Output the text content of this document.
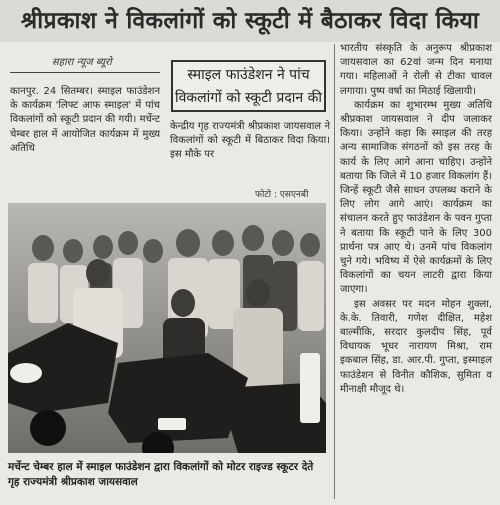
श्रीप्रकाश ने विकलांगों को स्कूटी में बैठाकर विदा किया
सहारा न्यूज ब्यूरो

कानपुर. 24 सितम्बर। स्माइल फाउंडेशन के कार्यक्रम 'लिफ्ट आफ स्माइल' में पांच विकलांगों को स्कूटी प्रदान की गयी। मर्चेन्ट चेम्बर हाल में आयोजित कार्यक्रम में मुख्य अतिथि

स्माइल फाउंडेशन ने पांच
विकलांगों को स्कूटी प्रदान की

केन्द्रीय गृह राज्यमंत्री श्रीप्रकाश जायसवाल ने विकलांगों को स्कूटी में बिठाकर विदा किया। इस मौके पर

फोटो : एसएनबी
मर्चेन्ट चेम्बर हाल में स्माइल फाउंडेशन द्वारा विकलांगों को मोटर राइज्ड स्कूटर देते गृह राज्यमंत्री श्रीप्रकाश जायसवाल

भारतीय संस्कृति के अनुरूप श्रीप्रकाश जायसवाल का 62वां जन्म दिन मनाया गया। महिलाओं ने रोली से टीका चावल लगाया। पुष्प वर्षा का मिठाई खिलायी।

कार्यक्रम का शुभारम्भ मुख्य अतिथि श्रीप्रकाश जायसवाल ने दीप जलाकर किया। उन्होंने कहा कि स्माइल की तरह अन्य सामाजिक संगठनों को इस तरह के कार्य के लिए आगे आना चाहिए। उन्होंने बताया कि जिले में 10 हजार विकलांग हैं। जिन्हें स्कूटी जैसे साधन उपलब्ध कराने के लिए लोग आगे आएं। कार्यक्रम का संचालन करते हुए फाउंडेशन के पवन गुप्ता ने बताया कि स्कूटी पाने के लिए 300 प्रार्थना पत्र आए थे। उनमें पांच विकलांग चुने गये। भविष्य में ऐसे कार्यक्रमों के लिए विकलांगों का चयन लाटरी द्वारा किया जाएगा।

इस अवसर पर मदन मोहन शुक्ला, के.के. तिवारी, गणेश दीक्षित, महेश बाल्मीकि, सरदार कुलदीप सिंह, पूर्व विधायक भूधर नारायण मिश्रा, राम इकबाल सिंह, डा. आर.पी. गुप्ता, इस्माइल फाउंडेशन से विनीत कौशिक, सुमिता व मीनाक्षी मौजूद थे।
